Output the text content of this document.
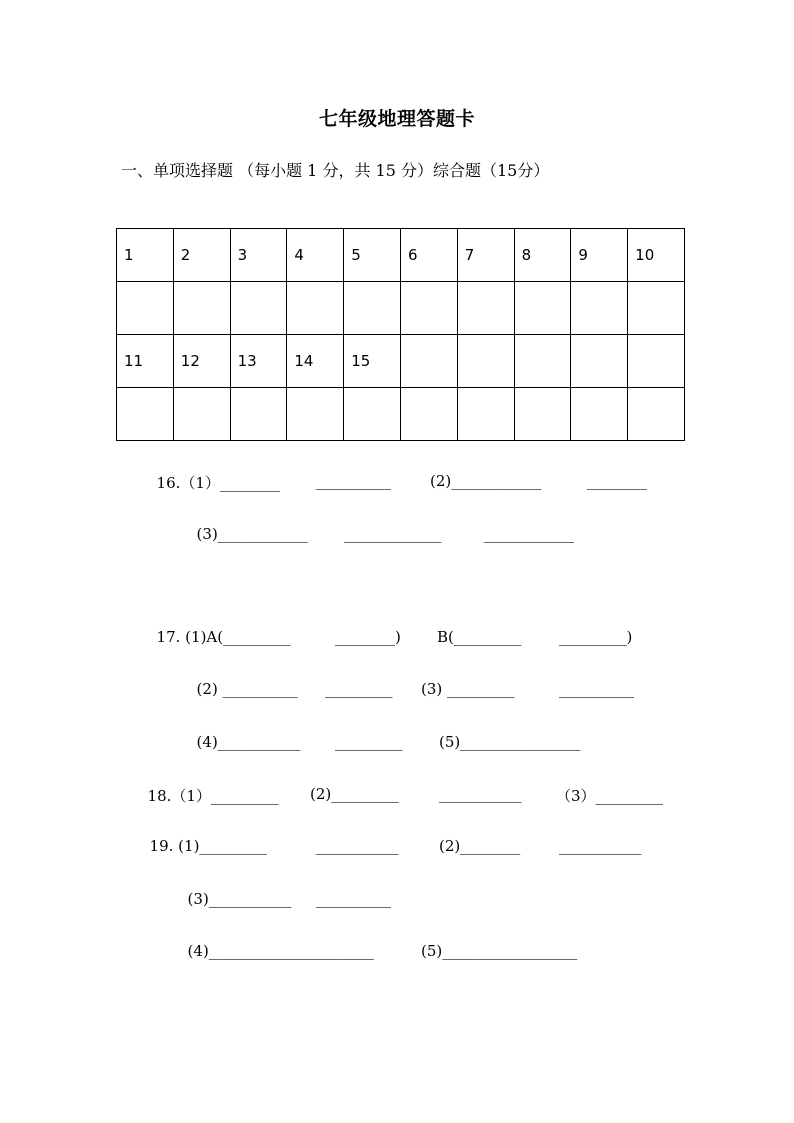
七年级地理答题卡
一、单项选择题 （每小题 1 分，共 15 分）综合题（15分）
1	2	3	4	5	6	7	8	9	10

11	12	13	14	15					

16.（1）________ __________	(2)____________	________

(3)____________ _____________	____________

17. (1)A(_________	________) B(_________	_________)

(2) __________ _________ (3) _________	__________

(4)___________ _________ (5)________________

18.（1）_________ (2)_________	___________ （3）_________

19. (1)_________	___________	(2)________	___________

(3)___________ __________

(4)______________________	(5)__________________
